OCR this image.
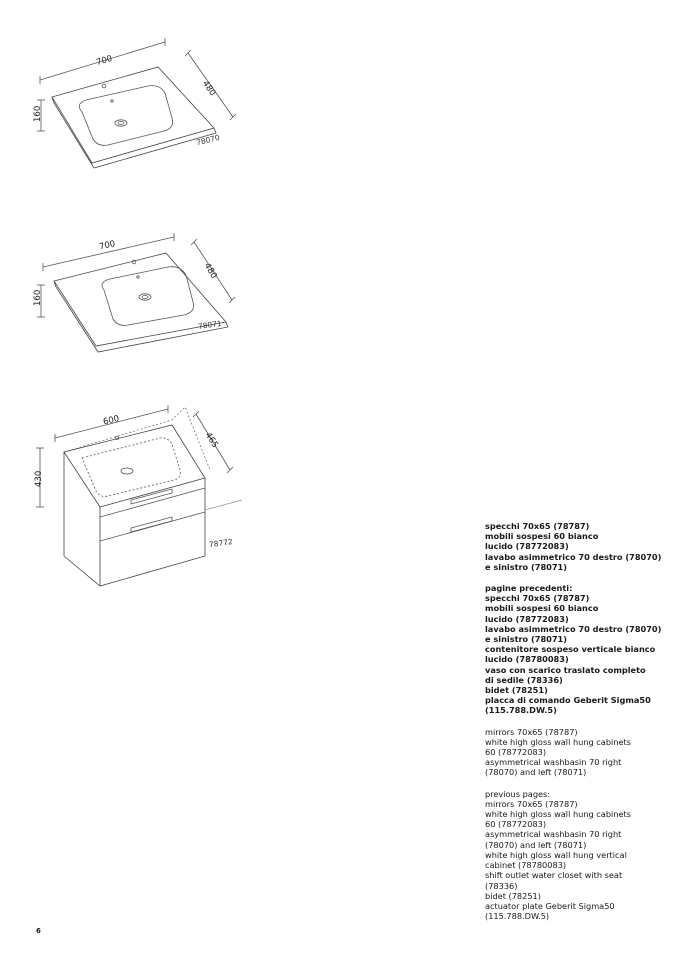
700
480
160
78070
700
480
160
78071
600
465
430
78772
specchi 70x65 (78787)
mobili sospesi 60 bianco
lucido (78772083)
lavabo asimmetrico 70 destro (78070)
e sinistro (78071)
pagine precedenti:
specchi 70x65 (78787)
mobili sospesi 60 bianco
lucido (78772083)
lavabo asimmetrico 70 destro (78070)
e sinistro (78071)
contenitore sospeso verticale bianco
lucido (78780083)
vaso con scarico traslato completo
di sedile (78336)
bidet (78251)
placca di comando Geberit Sigma50
(115.788.DW.5)
mirrors 70x65 (78787)
white high gloss wall hung cabinets
60 (78772083)
asymmetrical washbasin 70 right
(78070) and left (78071)
previous pages:
mirrors 70x65 (78787)
white high gloss wall hung cabinets
60 (78772083)
asymmetrical washbasin 70 right
(78070) and left (78071)
white high gloss wall hung vertical
cabinet (78780083)
shift outlet water closet with seat
(78336)
bidet (78251)
actuator plate Geberit Sigma50
(115.788.DW.5)
6
